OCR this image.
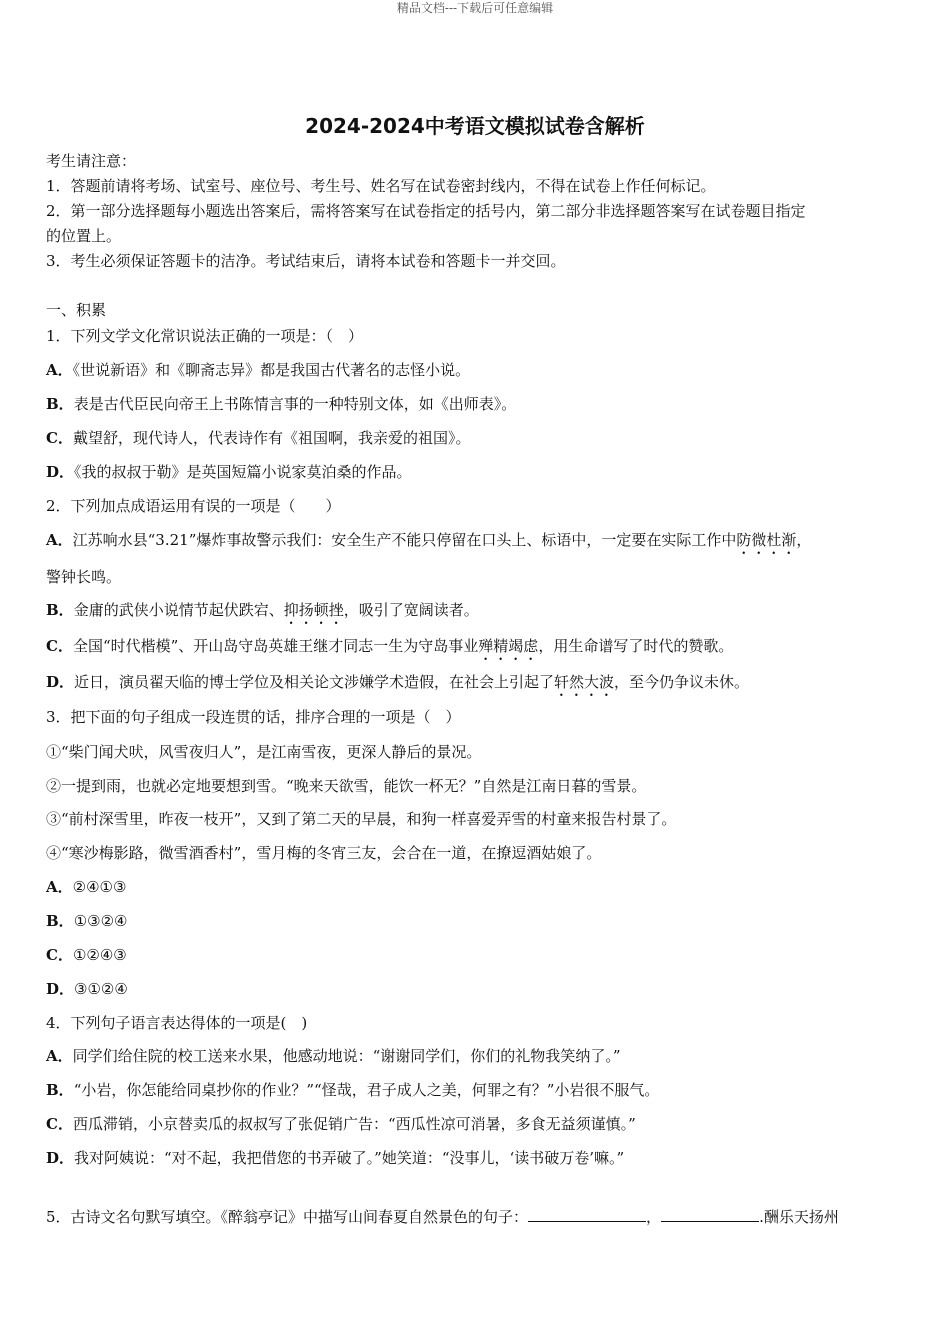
精品文档---下载后可任意编辑
2024-2024中考语文模拟试卷含解析
考生请注意：
1．答题前请将考场、试室号、座位号、考生号、姓名写在试卷密封线内，不得在试卷上作任何标记。
2．第一部分选择题每小题选出答案后，需将答案写在试卷指定的括号内，第二部分非选择题答案写在试卷题目指定
的位置上。
3．考生必须保证答题卡的洁净。考试结束后，请将本试卷和答题卡一并交回。
一、积累
1．下列文学文化常识说法正确的一项是：（　）
A．《世说新语》和《聊斋志异》都是我国古代著名的志怪小说。
B．表是古代臣民向帝王上书陈情言事的一种特别文体，如《出师表》。
C．戴望舒，现代诗人，代表诗作有《祖国啊，我亲爱的祖国》。
D．《我的叔叔于勒》是英国短篇小说家莫泊桑的作品。
2．下列加点成语运用有误的一项是（　　）
A．江苏响水县“3.21”爆炸事故警示我们：安全生产不能只停留在口头上、标语中，一定要在实际工作中防微杜渐，
警钟长鸣。
B．金庸的武侠小说情节起伏跌宕、抑扬顿挫，吸引了宽阔读者。
C．全国“时代楷模”、开山岛守岛英雄王继才同志一生为守岛事业殚精竭虑，用生命谱写了时代的赞歌。
D．近日，演员翟天临的博士学位及相关论文涉嫌学术造假，在社会上引起了轩然大波，至今仍争议未休。
3．把下面的句子组成一段连贯的话，排序合理的一项是（　）
①“柴门闻犬吠，风雪夜归人”，是江南雪夜，更深人静后的景况。
②一提到雨，也就必定地要想到雪。“晚来天欲雪，能饮一杯无？”自然是江南日暮的雪景。
③“前村深雪里，昨夜一枝开”，又到了第二天的早晨，和狗一样喜爱弄雪的村童来报告村景了。
④“寒沙梅影路，微雪酒香村”，雪月梅的冬宵三友，会合在一道，在撩逗酒姑娘了。
A．②④①③
B．①③②④
C．①②④③
D．③①②④
4．下列句子语言表达得体的一项是(　)
A．同学们给住院的校工送来水果，他感动地说：“谢谢同学们，你们的礼物我笑纳了。”
B．“小岩，你怎能给同桌抄你的作业？”“怪哉，君子成人之美，何罪之有？”小岩很不服气。
C．西瓜滞销，小京替卖瓜的叔叔写了张促销广告：“西瓜性凉可消暑，多食无益须谨慎。”
D．我对阿姨说：“对不起，我把借您的书弄破了。”她笑道：“没事儿，‘读书破万卷’嘛。”
5．古诗文名句默写填空。《醉翁亭记》中描写山间春夏自然景色的句子：	，	.酬乐天扬州
